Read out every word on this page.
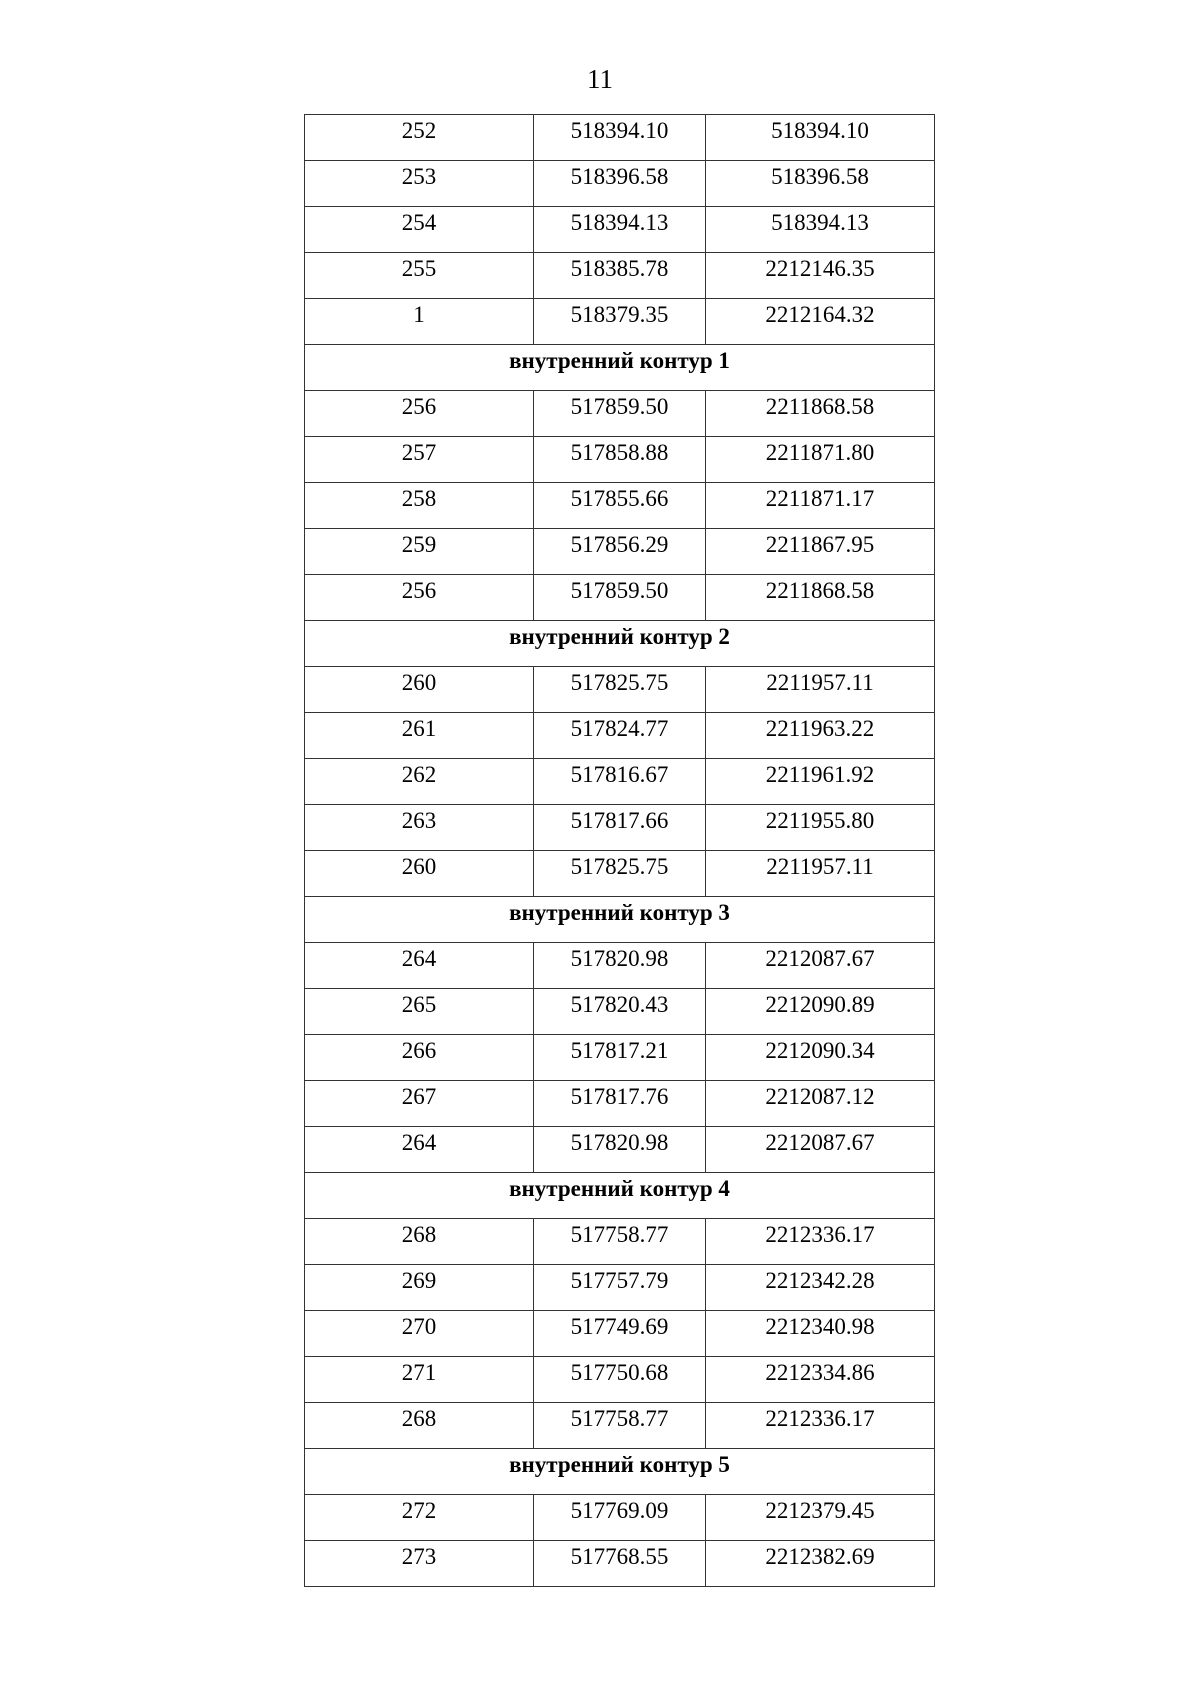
11
252	518394.10	518394.10
253	518396.58	518396.58
254	518394.13	518394.13
255	518385.78	2212146.35
1	518379.35	2212164.32
внутренний контур 1		
256	517859.50	2211868.58
257	517858.88	2211871.80
258	517855.66	2211871.17
259	517856.29	2211867.95
256	517859.50	2211868.58
внутренний контур 2		
260	517825.75	2211957.11
261	517824.77	2211963.22
262	517816.67	2211961.92
263	517817.66	2211955.80
260	517825.75	2211957.11
внутренний контур 3		
264	517820.98	2212087.67
265	517820.43	2212090.89
266	517817.21	2212090.34
267	517817.76	2212087.12
264	517820.98	2212087.67
внутренний контур 4		
268	517758.77	2212336.17
269	517757.79	2212342.28
270	517749.69	2212340.98
271	517750.68	2212334.86
268	517758.77	2212336.17
внутренний контур 5		
272	517769.09	2212379.45
273	517768.55	2212382.69
